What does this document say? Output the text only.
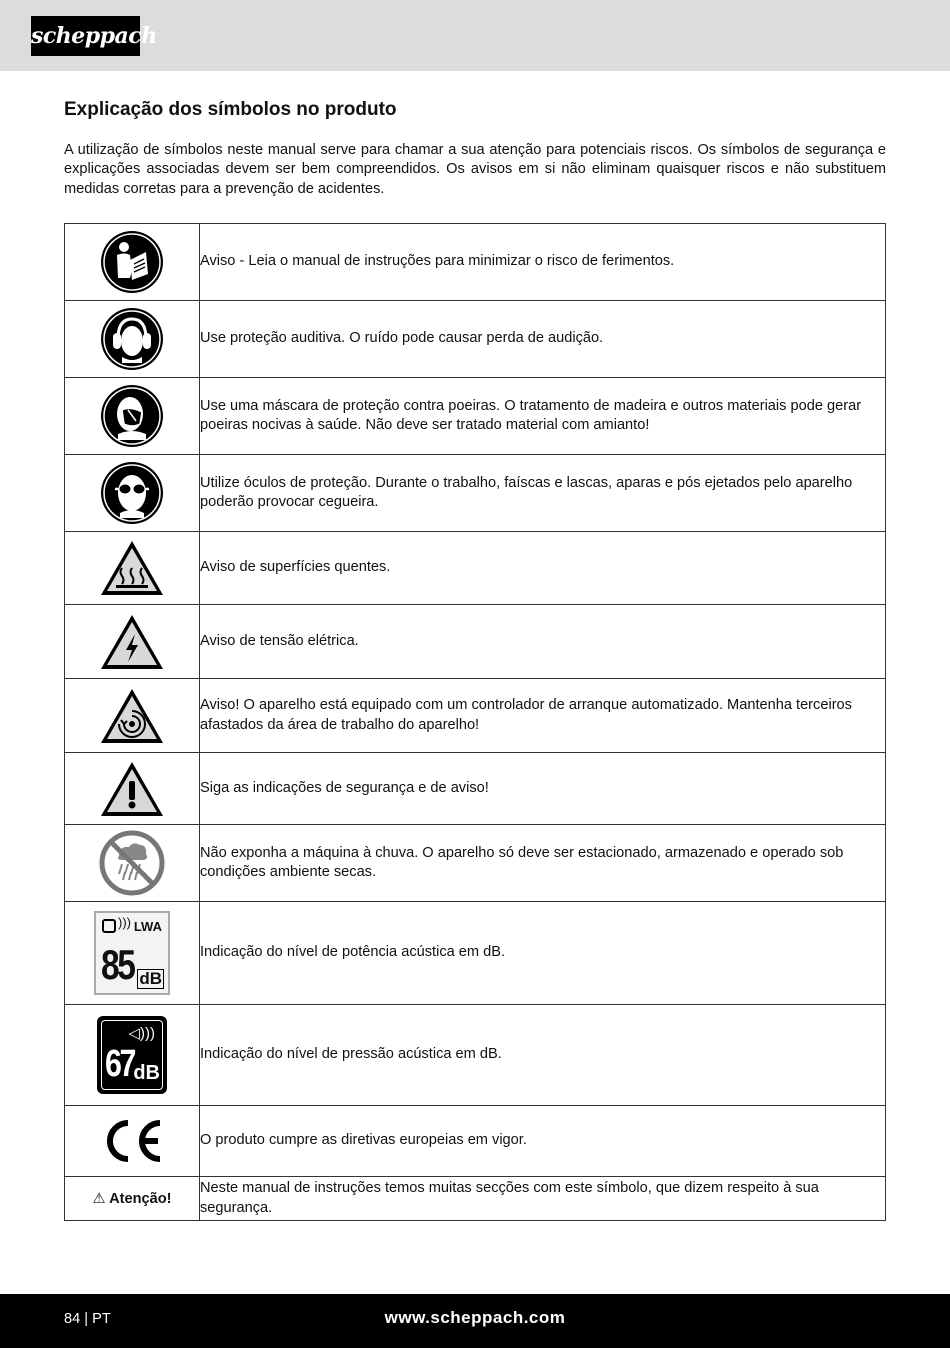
scheppach
Explicação dos símbolos no produto

A utilização de símbolos neste manual serve para chamar a sua atenção para potenciais riscos. Os símbolos de segurança e explicações associadas devem ser bem compreendidos. Os avisos em si não eliminam quaisquer riscos e não substituem medidas corretas para a prevenção de acidentes.

	Aviso - Leia o manual de instruções para minimizar o risco de ferimentos.

	Use proteção auditiva. O ruído pode causar perda de audição.

	Use uma máscara de proteção contra poeiras. O tratamento de madeira e outros materiais pode gerar poeiras nocivas à saúde. Não deve ser tratado material com amianto!

	Utilize óculos de proteção. Durante o trabalho, faíscas e lascas, aparas e pós ejetados pelo aparelho poderão provocar cegueira.

	Aviso de superfícies quentes.

	Aviso de tensão elétrica.

	Aviso! O aparelho está equipado com um controlador de arranque automatizado. Mantenha terceiros afastados da área de trabalho do aparelho!

	Siga as indicações de segurança e de aviso!

	Não exponha a máquina à chuva. O aparelho só deve ser estacionado, armazenado e operado sob condições ambiente secas.

))) LWA
85 dB	Indicação do nível de potência acústica em dB.

◁)))
67 dB	Indicação do nível de pressão acústica em dB.

	O produto cumpre as diretivas europeias em vigor.
⚠ Atenção!	Neste manual de instruções temos muitas secções com este símbolo, que dizem respeito à sua segurança.
84 | PT	www.scheppach.com
